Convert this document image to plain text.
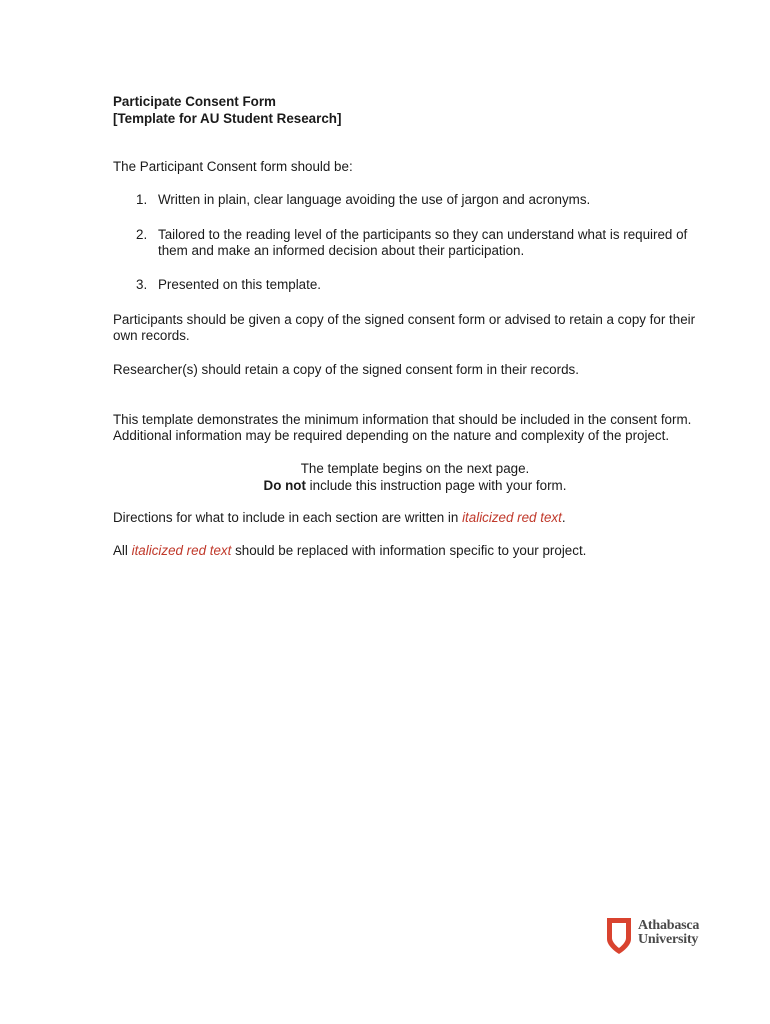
Participate Consent Form
[Template for AU Student Research]
The Participant Consent form should be:
1. Written in plain, clear language avoiding the use of jargon and acronyms.
2. Tailored to the reading level of the participants so they can understand what is required of
them and make an informed decision about their participation.
3. Presented on this template.
Participants should be given a copy of the signed consent form or advised to retain a copy for their
own records.
Researcher(s) should retain a copy of the signed consent form in their records.
This template demonstrates the minimum information that should be included in the consent form.
Additional information may be required depending on the nature and complexity of the project.
The template begins on the next page.
Do not include this instruction page with your form.
Directions for what to include in each section are written in italicized red text.
All italicized red text should be replaced with information specific to your project.
Athabasca
University
